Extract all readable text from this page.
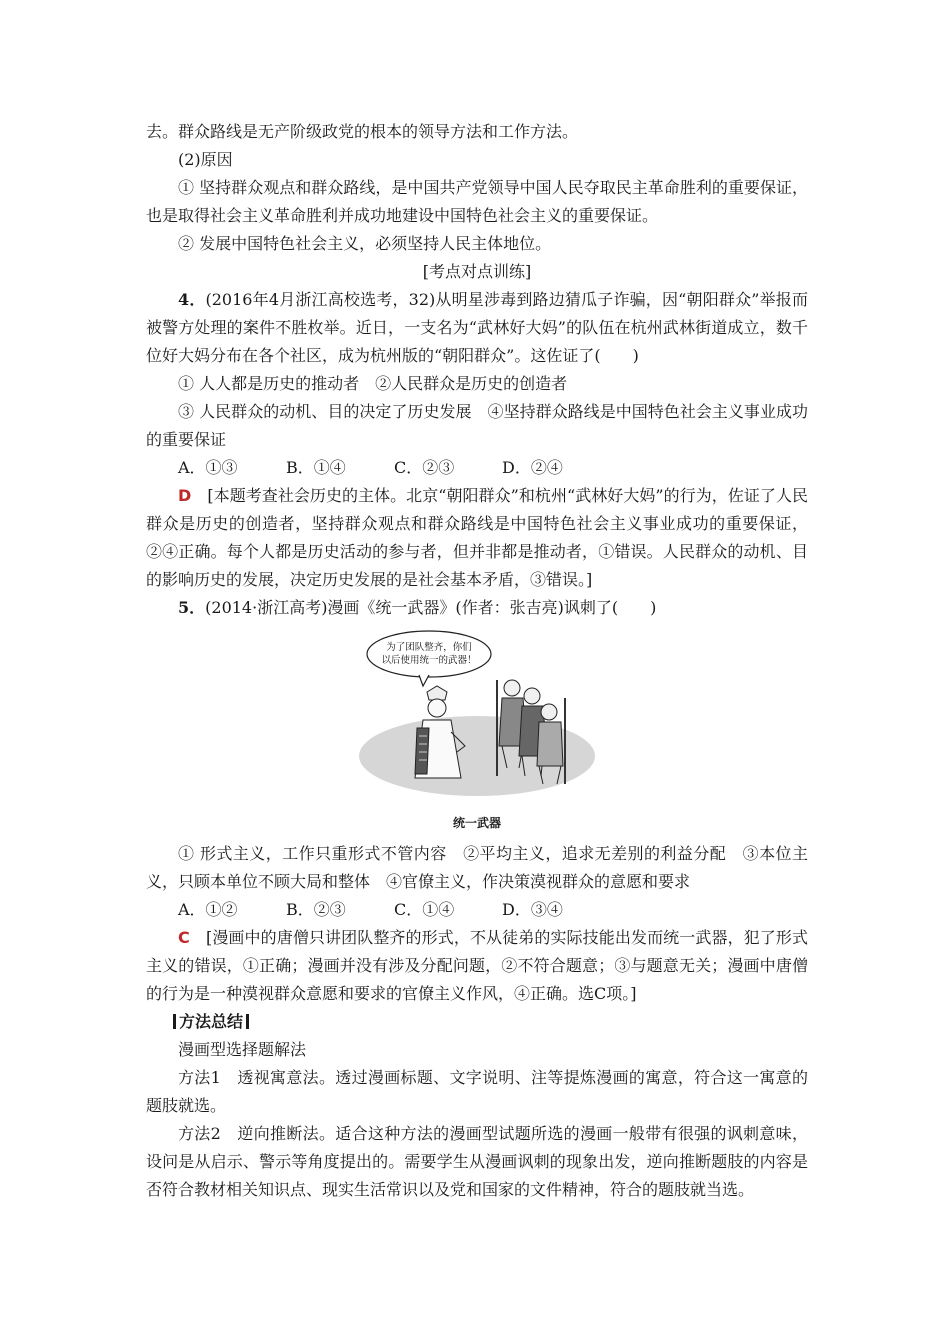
去。群众路线是无产阶级政党的根本的领导方法和工作方法。

(2)原因

① 坚持群众观点和群众路线，是中国共产党领导中国人民夺取民主革命胜利的重要保证，也是取得社会主义革命胜利并成功地建设中国特色社会主义的重要保证。

② 发展中国特色社会主义，必须坚持人民主体地位。

[考点对点训练]

4．(2016年4月浙江高校选考，32)从明星涉毒到路边猜瓜子诈骗，因“朝阳群众”举报而被警方处理的案件不胜枚举。近日，一支名为“武林好大妈”的队伍在杭州武林街道成立，数千位好大妈分布在各个社区，成为杭州版的“朝阳群众”。这佐证了(　　)

① 人人都是历史的推动者　②人民群众是历史的创造者

③ 人民群众的动机、目的决定了历史发展　④坚持群众路线是中国特色社会主义事业成功的重要保证

A．①③	B．①④	C．②③	D．②④

D　 [本题考查社会历史的主体。北京“朝阳群众”和杭州“武林好大妈”的行为，佐证了人民群众是历史的创造者，坚持群众观点和群众路线是中国特色社会主义事业成功的重要保证，②④正确。每个人都是历史活动的参与者，但并非都是推动者，①错误。人民群众的动机、目的影响历史的发展，决定历史发展的是社会基本矛盾，③错误。]

5．(2014·浙江高考)漫画《统一武器》(作者：张吉亮)讽刺了(　　)

为了团队整齐，你们
以后使用统一的武器！
统一武器

① 形式主义，工作只重形式不管内容　②平均主义，追求无差别的利益分配　③本位主义，只顾本单位不顾大局和整体　④官僚主义，作决策漠视群众的意愿和要求

A．①②	B．②③	C．①④	D．③④

C　 [漫画中的唐僧只讲团队整齐的形式，不从徒弟的实际技能出发而统一武器，犯了形式主义的错误，①正确；漫画并没有涉及分配问题，②不符合题意；③与题意无关；漫画中唐僧的行为是一种漠视群众意愿和要求的官僚主义作风，④正确。选C项。]

方法总结

漫画型选择题解法

方法1　透视寓意法。透过漫画标题、文字说明、注等提炼漫画的寓意，符合这一寓意的题肢就选。

方法2　逆向推断法。适合这种方法的漫画型试题所选的漫画一般带有很强的讽刺意味，设问是从启示、警示等角度提出的。需要学生从漫画讽刺的现象出发，逆向推断题肢的内容是否符合教材相关知识点、现实生活常识以及党和国家的文件精神，符合的题肢就当选。
